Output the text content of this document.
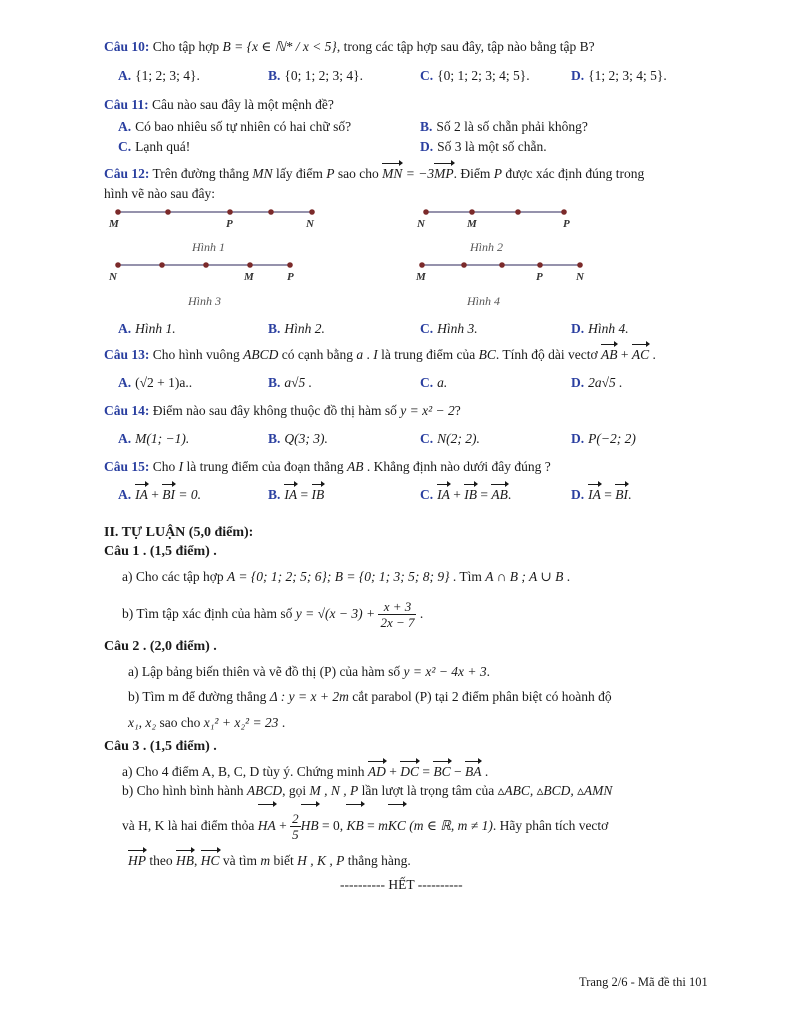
Câu 10: Cho tập hợp B = {x ∈ ℕ* / x < 5}, trong các tập hợp sau đây, tập nào bằng tập B?
A. {1; 2; 3; 4}.	B. {0; 1; 2; 3; 4}.	C. {0; 1; 2; 3; 4; 5}.	D. {1; 2; 3; 4; 5}.
Câu 11: Câu nào sau đây là một mệnh đề?
A. Có bao nhiêu số tự nhiên có hai chữ số?	B. Số 2 là số chẵn phải không?
C. Lạnh quá!	D. Số 3 là một số chẵn.
Câu 12: Trên đường thẳng MN lấy điểm P sao cho MN = −3MP. Điểm P được xác định đúng trong
hình vẽ nào sau đây:
M	P	N	N	M	P
N	M	P	M	P	N
Hình 1	Hình 2
Hình 3	Hình 4
A. Hình 1.	B. Hình 2.	C. Hình 3.	D. Hình 4.
Câu 13: Cho hình vuông ABCD có cạnh bằng a . I là trung điểm của BC. Tính độ dài vectơ AB + AC .
A. (√2 + 1)a..	B. a√5 .	C. a.	D. 2a√5 .
Câu 14: Điểm nào sau đây không thuộc đồ thị hàm số y = x² − 2?
A. M(1; −1).	B. Q(3; 3).	C. N(2; 2).	D. P(−2; 2)
Câu 15: Cho I là trung điểm của đoạn thẳng AB . Khẳng định nào dưới đây đúng ?
A. IA + BI = 0.	B. IA = IB	C. IA + IB = AB.	D. IA = BI.
II. TỰ LUẬN (5,0 điểm):
Câu 1 . (1,5 điểm) .
a) Cho các tập hợp A = {0; 1; 2; 5; 6}; B = {0; 1; 3; 5; 8; 9} . Tìm A ∩ B ; A ∪ B .
b) Tìm tập xác định của hàm số $y = √(x - 3) + \frac{x + 3}{2x - 7}$ .
Câu 2 . (2,0 điểm) .
a) Lập bảng biến thiên và vẽ đồ thị (P) của hàm số y = x² − 4x + 3.
b) Tìm m để đường thẳng Δ : y = x + 2m cắt parabol (P) tại 2 điểm phân biệt có hoành độ
x₁, x₂ sao cho x₁² + x₂² = 23 .
Câu 3 . (1,5 điểm) .
a) Cho 4 điểm A, B, C, D tùy ý. Chứng minh AD + DC = BC − BA .
b) Cho hình bình hành ABCD, gọi M , N , P lần lượt là trọng tâm của ▵ABC, ▵BCD, ▵AMN
và H, K là hai điểm thỏa HA + $\frac{2}{5}$ HB = 0, KB = mKC (m ∈ ℝ, m ≠ 1). Hãy phân tích vectơ
HP theo HB, HC và tìm m biết H , K , P thẳng hàng.
---------- HẾT ----------
Trang 2/6 - Mã đề thi 101
